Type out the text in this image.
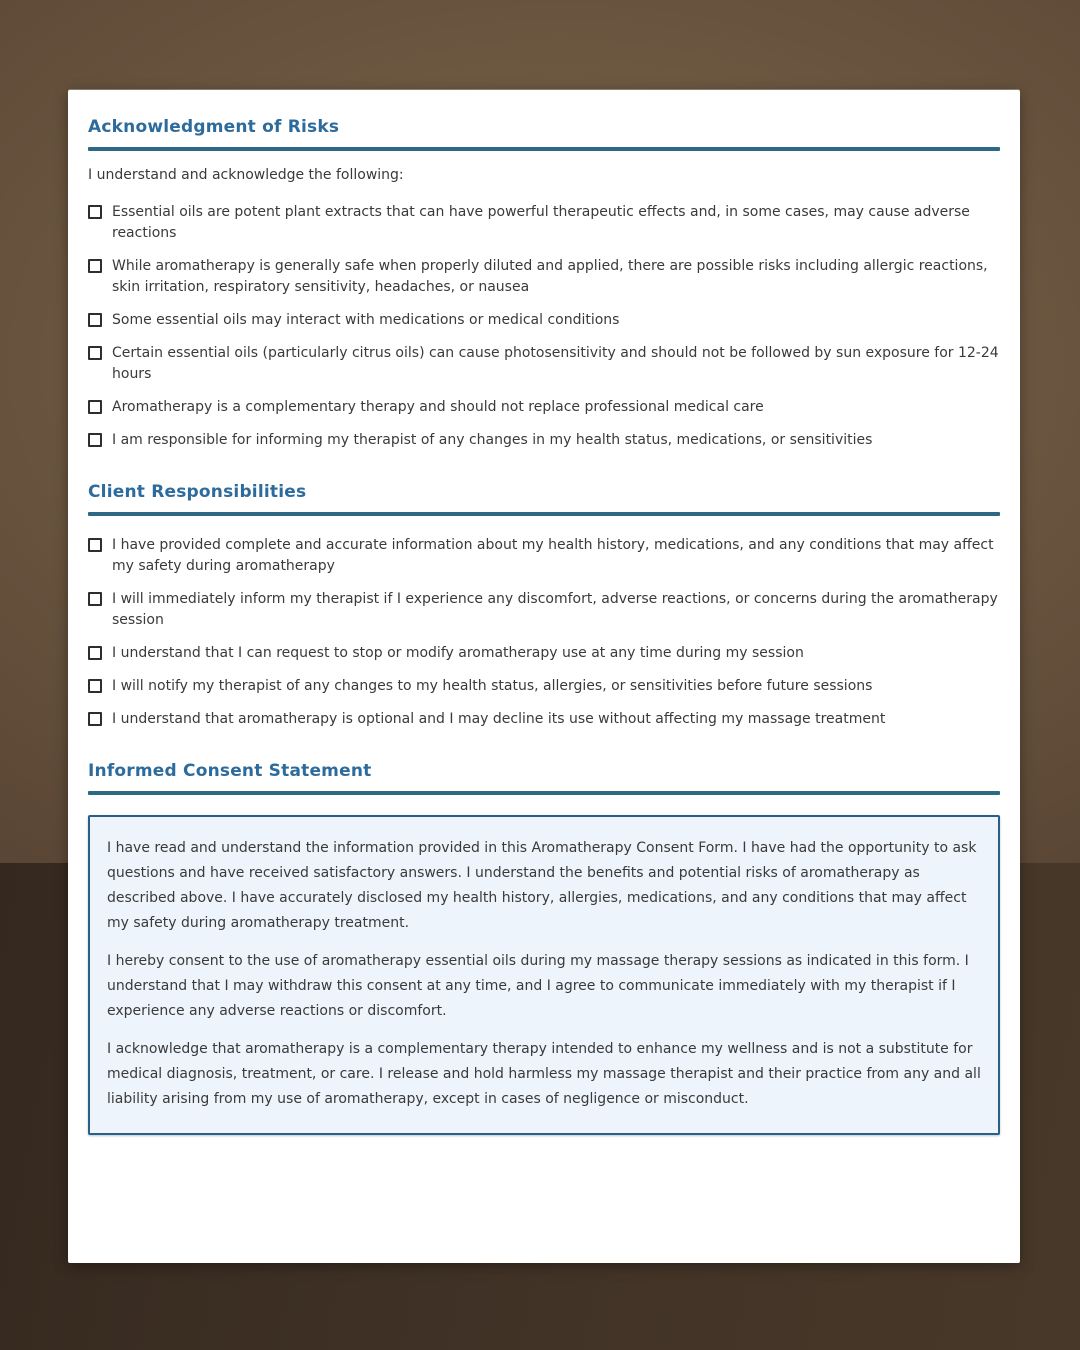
Acknowledgment of Risks

I understand and acknowledge the following:

Essential oils are potent plant extracts that can have powerful therapeutic effects and, in some cases, may cause adverse reactions
While aromatherapy is generally safe when properly diluted and applied, there are possible risks including allergic reactions, skin irritation, respiratory sensitivity, headaches, or nausea
Some essential oils may interact with medications or medical conditions
Certain essential oils (particularly citrus oils) can cause photosensitivity and should not be followed by sun exposure for 12-24 hours
Aromatherapy is a complementary therapy and should not replace professional medical care
I am responsible for informing my therapist of any changes in my health status, medications, or sensitivities
Client Responsibilities
I have provided complete and accurate information about my health history, medications, and any conditions that may affect my safety during aromatherapy
I will immediately inform my therapist if I experience any discomfort, adverse reactions, or concerns during the aromatherapy session
I understand that I can request to stop or modify aromatherapy use at any time during my session
I will notify my therapist of any changes to my health status, allergies, or sensitivities before future sessions
I understand that aromatherapy is optional and I may decline its use without affecting my massage treatment
Informed Consent Statement

I have read and understand the information provided in this Aromatherapy Consent Form. I have had the opportunity to ask questions and have received satisfactory answers. I understand the benefits and potential risks of aromatherapy as described above. I have accurately disclosed my health history, allergies, medications, and any conditions that may affect my safety during aromatherapy treatment.

I hereby consent to the use of aromatherapy essential oils during my massage therapy sessions as indicated in this form. I understand that I may withdraw this consent at any time, and I agree to communicate immediately with my therapist if I experience any adverse reactions or discomfort.

I acknowledge that aromatherapy is a complementary therapy intended to enhance my wellness and is not a substitute for medical diagnosis, treatment, or care. I release and hold harmless my massage therapist and their practice from any and all liability arising from my use of aromatherapy, except in cases of negligence or misconduct.
